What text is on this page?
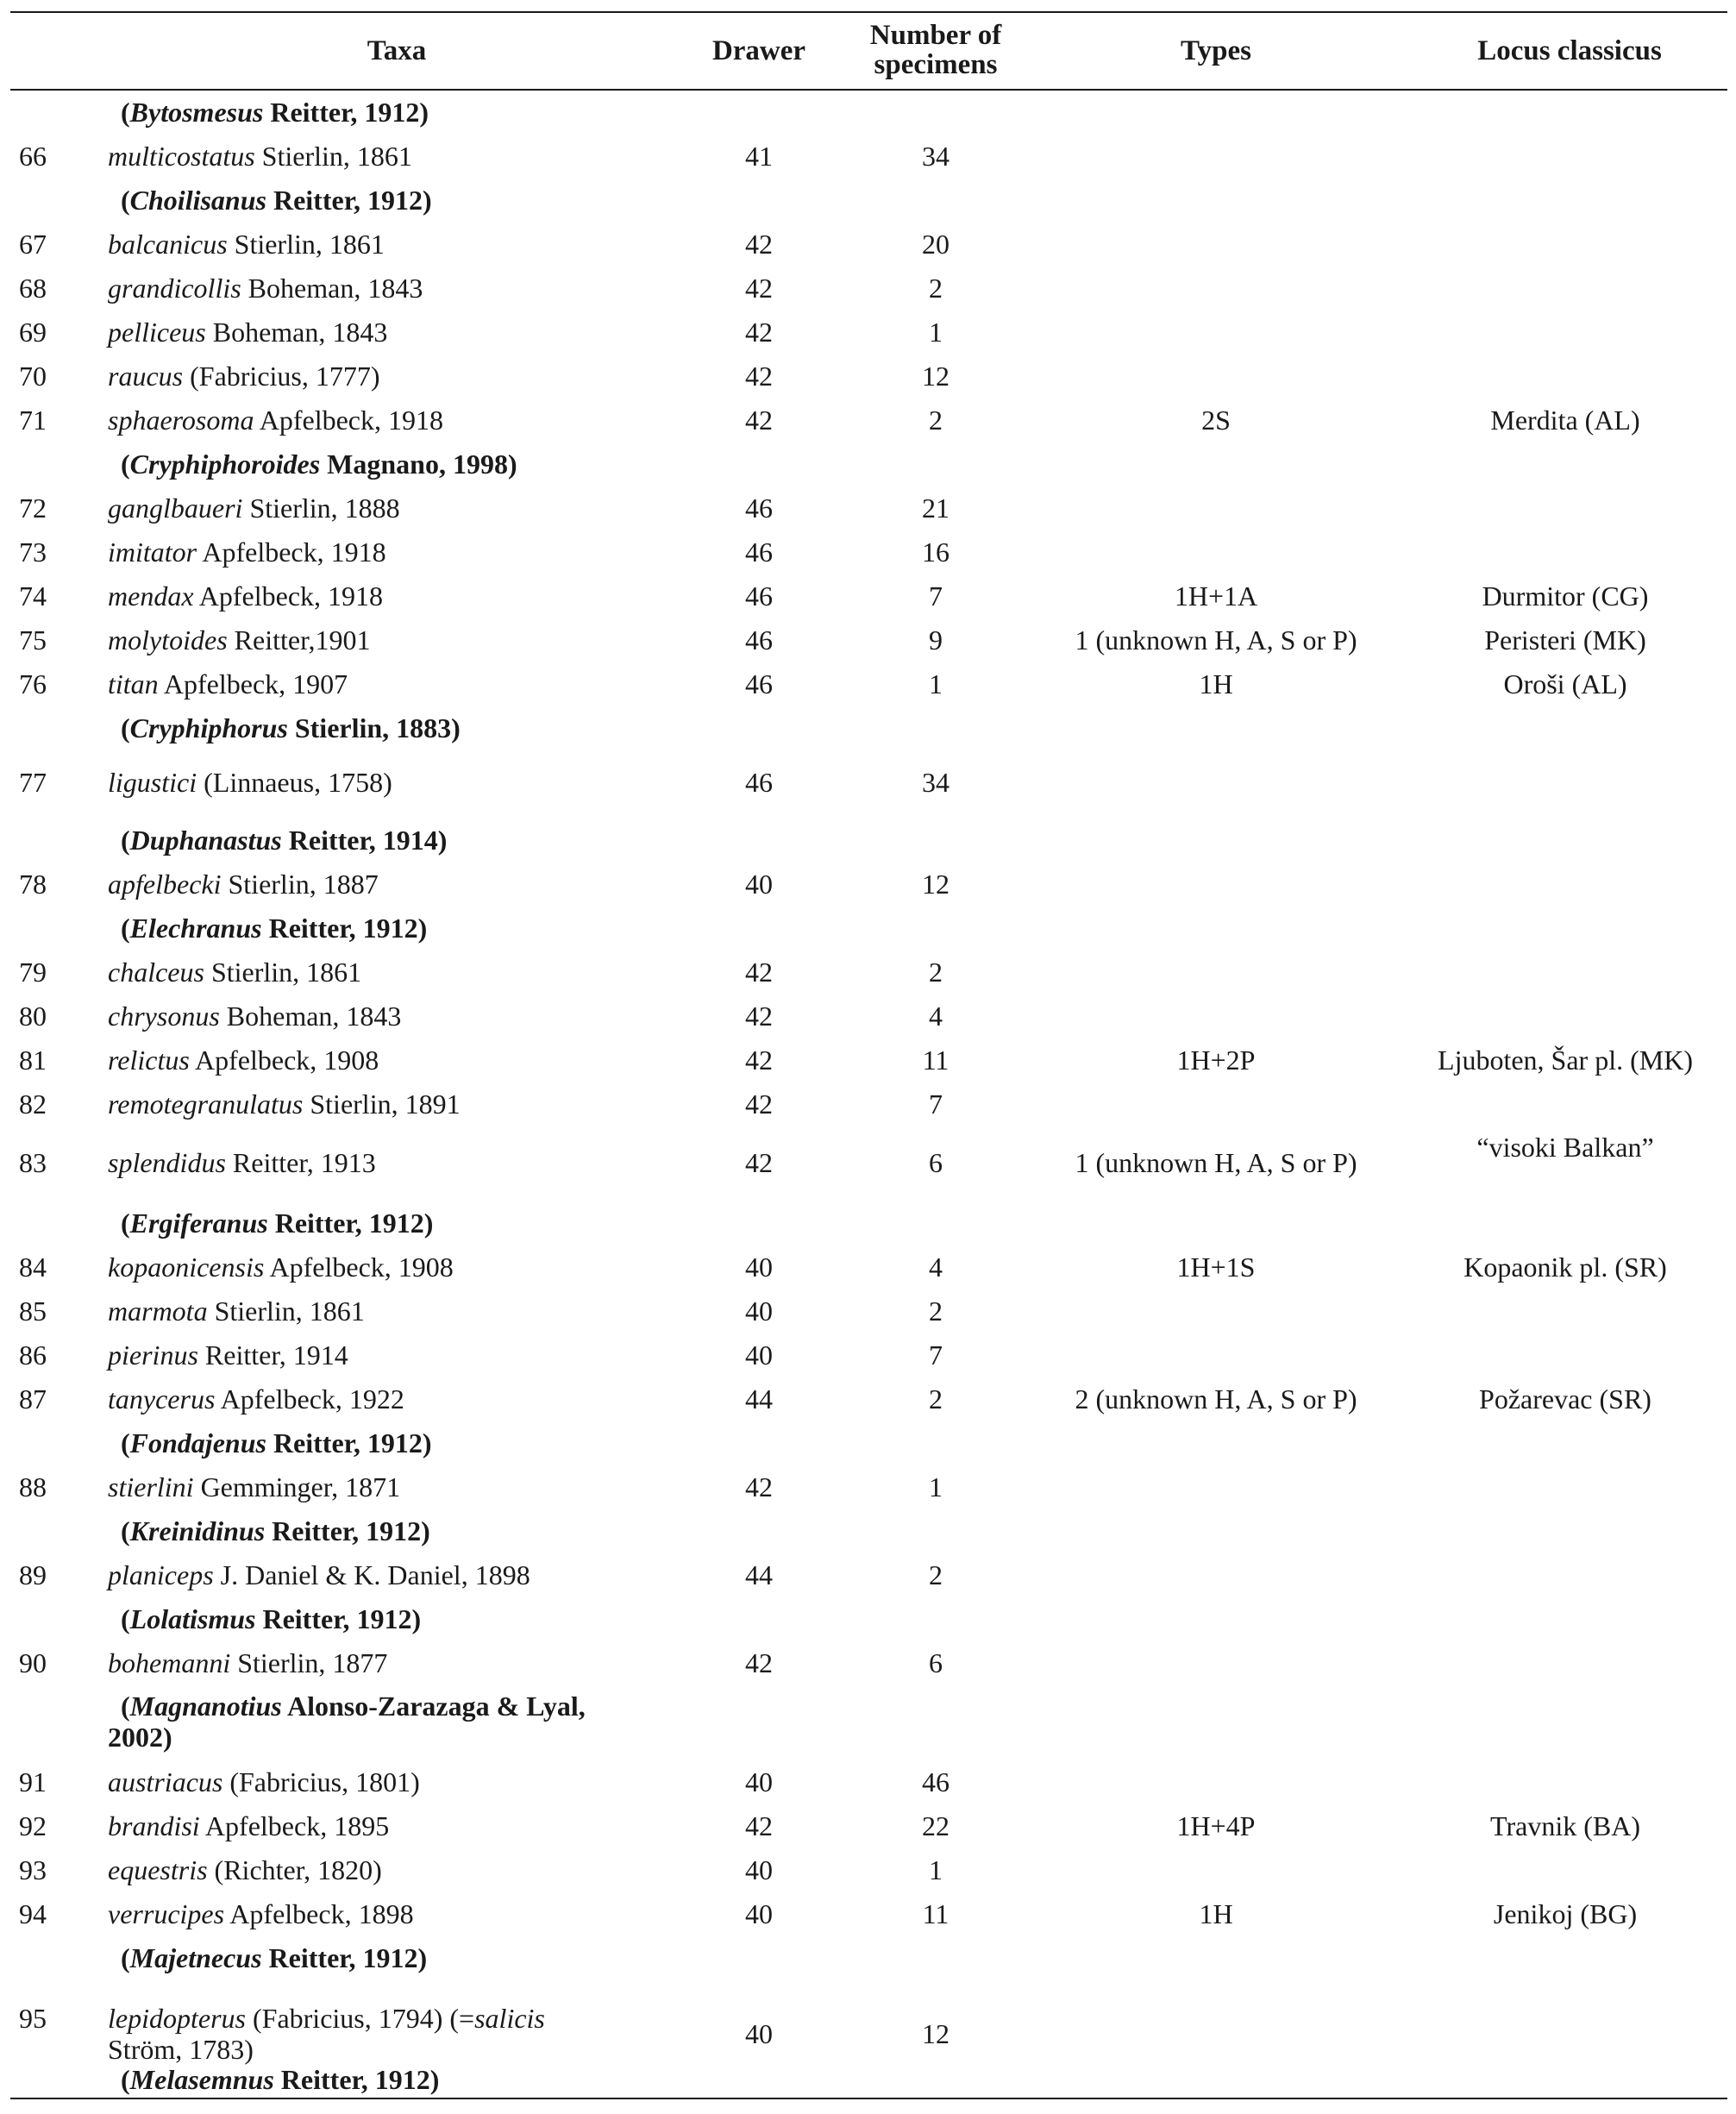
Taxa	Drawer	Number of specimens	Types	Locus classicus
(Bytosmesus Reitter, 1912)
66	multicostatus Stierlin, 1861	41	34
(Choilisanus Reitter, 1912)
67	balcanicus Stierlin, 1861	42	20
68	grandicollis Boheman, 1843	42	2
69	pelliceus Boheman, 1843	42	1
70	raucus (Fabricius, 1777)	42	12
71	sphaerosoma Apfelbeck, 1918	42	2	2S	Merdita (AL)
(Cryphiphoroides Magnano, 1998)
72	ganglbaueri Stierlin, 1888	46	21
73	imitator Apfelbeck, 1918	46	16
74	mendax Apfelbeck, 1918	46	7	1H+1A	Durmitor (CG)
75	molytoides Reitter,1901	46	9	1 (unknown H, A, S or P)	Peristeri (MK)
76	titan Apfelbeck, 1907	46	1	1H	Oroši (AL)
(Cryphiphorus Stierlin, 1883)
77	ligustici (Linnaeus, 1758)	46	34
(Duphanastus Reitter, 1914)
78	apfelbecki Stierlin, 1887	40	12
(Elechranus Reitter, 1912)
79	chalceus Stierlin, 1861	42	2
80	chrysonus Boheman, 1843	42	4
81	relictus Apfelbeck, 1908	42	11	1H+2P	Ljuboten, Šar pl. (MK)
82	remotegranulatus Stierlin, 1891	42	7
83	splendidus Reitter, 1913	42	6	1 (unknown H, A, S or P)	“visoki Balkan”
(Ergiferanus Reitter, 1912)
84	kopaonicensis Apfelbeck, 1908	40	4	1H+1S	Kopaonik pl. (SR)
85	marmota Stierlin, 1861	40	2
86	pierinus Reitter, 1914	40	7
87	tanycerus Apfelbeck, 1922	44	2	2 (unknown H, A, S or P)	Požarevac (SR)
(Fondajenus Reitter, 1912)
88	stierlini Gemminger, 1871	42	1
(Kreinidinus Reitter, 1912)
89	planiceps J. Daniel & K. Daniel, 1898	44	2
(Lolatismus Reitter, 1912)
90	bohemanni Stierlin, 1877	42	6
(Magnanotius Alonso-Zarazaga & Lyal,
2002)
91	austriacus (Fabricius, 1801)	40	46
92	brandisi Apfelbeck, 1895	42	22	1H+4P	Travnik (BA)
93	equestris (Richter, 1820)	40	1
94	verrucipes Apfelbeck, 1898	40	11	1H	Jenikoj (BG)
(Majetnecus Reitter, 1912)
95	lepidopterus (Fabricius, 1794) (=salicis
Ström, 1783)	40	12
(Melasemnus Reitter, 1912)
